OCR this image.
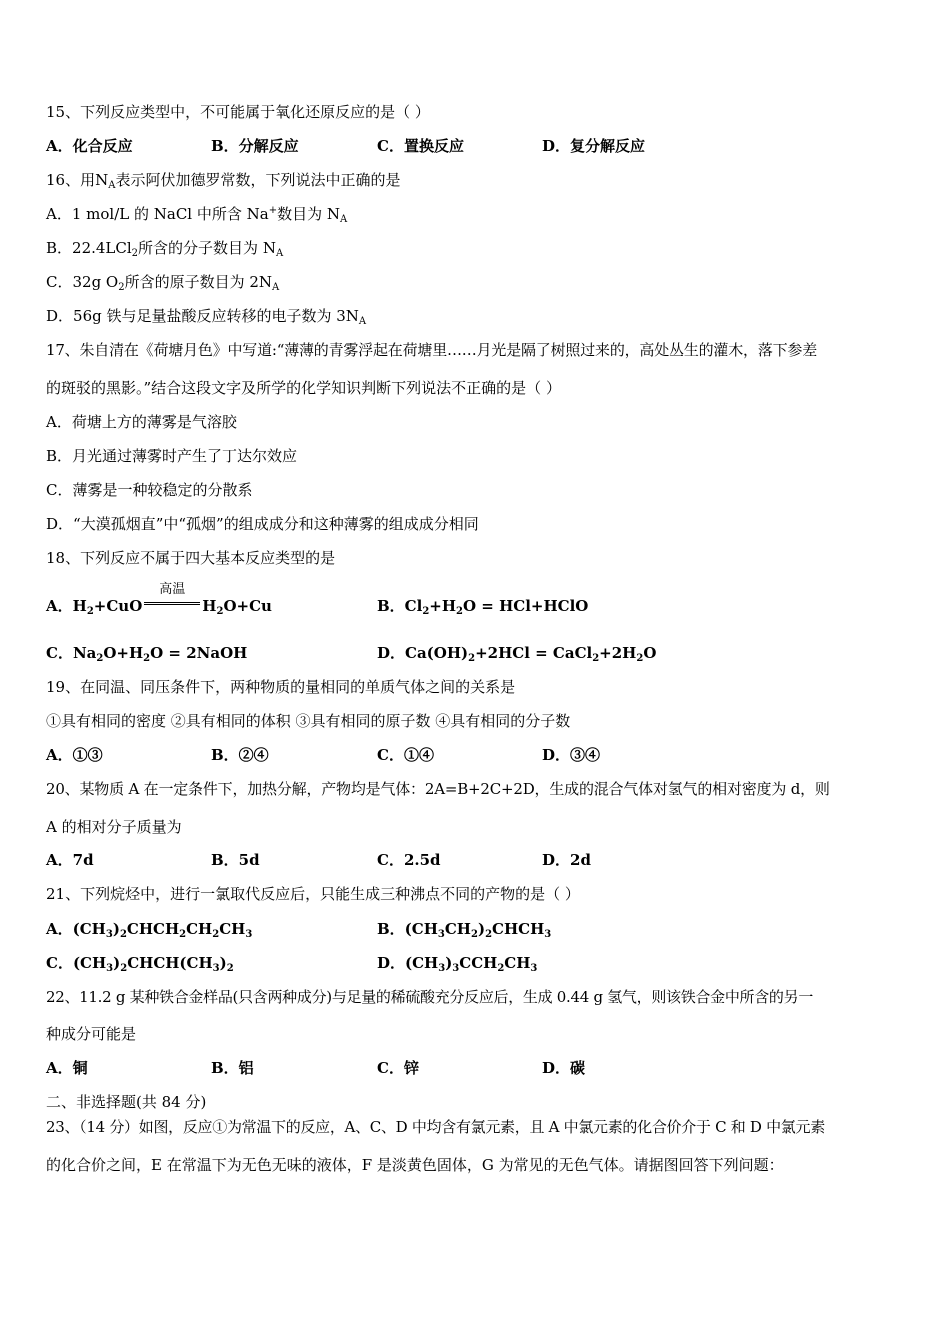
15、下列反应类型中，不可能属于氧化还原反应的是（ ）
A．化合反应	B．分解反应	C．置换反应	D．复分解反应
16、用$N_A$表示阿伏加德罗常数，下列说法中正确的是
A．1 mol/L 的 NaCl 中所含 Na+数目为 $N_A$
B．22.4LCl$_2$所含的分子数目为 $N_A$
C．32g $O_2$所含的原子数目为 $2N_A$
D．56g 铁与足量盐酸反应转移的电子数为 $3N_A$
17、朱自清在《荷塘月色》中写道:“薄薄的青雾浮起在荷塘里……月光是隔了树照过来的，高处丛生的灌木，落下参差
的斑驳的黑影。”结合这段文字及所学的化学知识判断下列说法不正确的是（ ）
A．荷塘上方的薄雾是气溶胶
B．月光通过薄雾时产生了丁达尔效应
C．薄雾是一种较稳定的分散系
D．“大漠孤烟直”中“孤烟”的组成成分和这种薄雾的组成成分相同
18、下列反应不属于四大基本反应类型的是
A．$H_2+CuO$
高温
$H_2O+Cu$	B．$Cl_2+H_2O$ = HCl+HClO
C．$Na_2O+H_2O$ = 2NaOH	D．$Ca(OH)_2+2HCl$ = $CaCl_2+2H_2O$
19、在同温、同压条件下，两种物质的量相同的单质气体之间的关系是
①具有相同的密度 ②具有相同的体积 ③具有相同的原子数 ④具有相同的分子数
A．①③	B．②④	C．①④	D．③④
20、某物质 A 在一定条件下，加热分解，产物均是气体：2A=B+2C+2D，生成的混合气体对氢气的相对密度为 d，则
A 的相对分子质量为
A．7d	B．5d	C．2.5d	D．2d
21、下列烷烃中，进行一氯取代反应后，只能生成三种沸点不同的产物的是（ ）
A．$(CH_3)_2CHCH_2CH_2CH_3$	B．$(CH_3CH_2)_2CHCH_3$
C．$(CH_3)_2CHCH(CH_3)_2$	D．$(CH_3)_3CCH_2CH_3$
22、11.2 g 某种铁合金样品(只含两种成分)与足量的稀硫酸充分反应后，生成 0.44 g 氢气，则该铁合金中所含的另一
种成分可能是
A．铜	B．铝	C．锌	D．碳
二、非选择题(共 84 分)
23、（14 分）如图，反应①为常温下的反应，A、C、D 中均含有氯元素，且 A 中氯元素的化合价介于 C 和 D 中氯元素
的化合价之间，E 在常温下为无色无味的液体，F 是淡黄色固体，G 为常见的无色气体。请据图回答下列问题：
